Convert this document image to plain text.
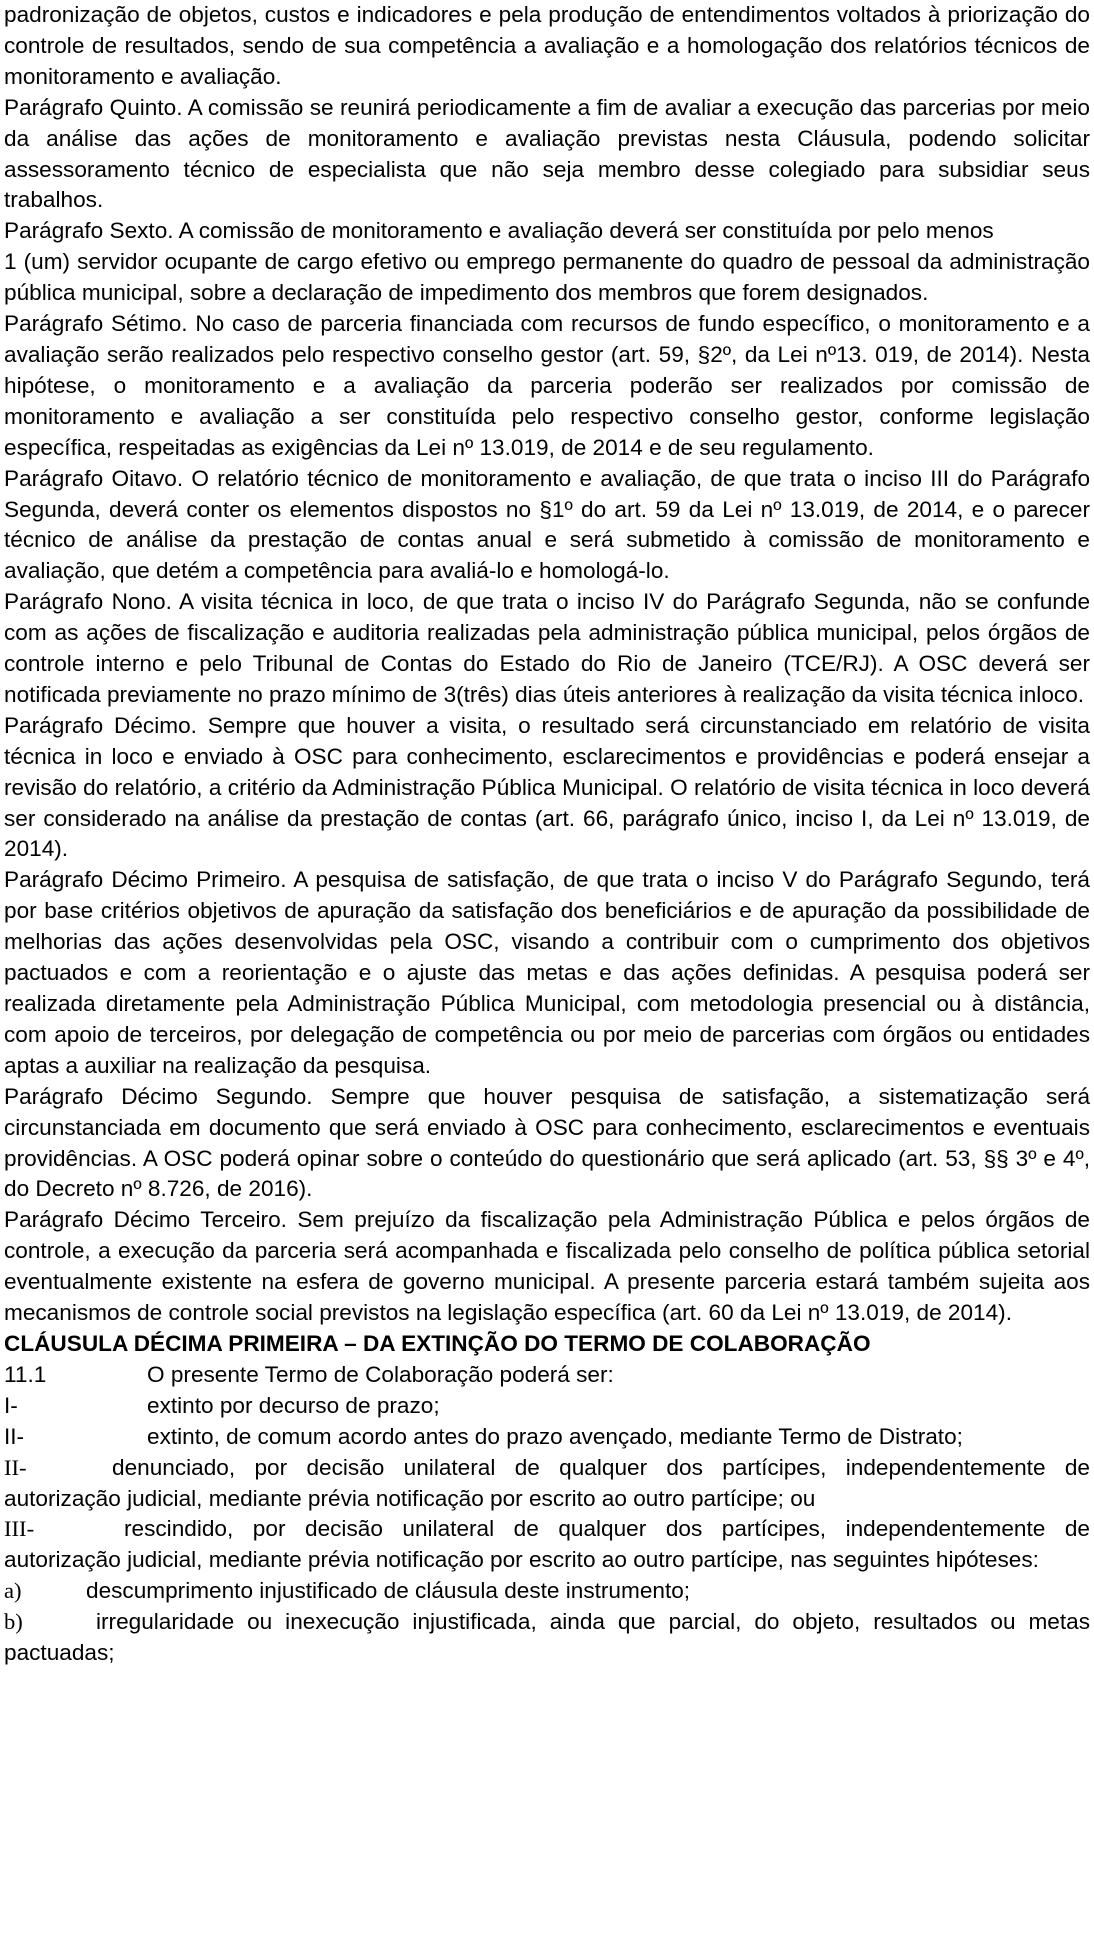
padronização de objetos, custos e indicadores e pela produção de entendimentos voltados à priorização do controle de resultados, sendo de sua competência a avaliação e a homologação dos relatórios técnicos de monitoramento e avaliação.

Parágrafo Quinto. A comissão se reunirá periodicamente a fim de avaliar a execução das parcerias por meio da análise das ações de monitoramento e avaliação previstas nesta Cláusula, podendo solicitar assessoramento técnico de especialista que não seja membro desse colegiado para subsidiar seus trabalhos.

Parágrafo Sexto. A comissão de monitoramento e avaliação deverá ser constituída por pelo menos

1 (um) servidor ocupante de cargo efetivo ou emprego permanente do quadro de pessoal da administração pública municipal, sobre a declaração de impedimento dos membros que forem designados.

Parágrafo Sétimo. No caso de parceria financiada com recursos de fundo específico, o monitoramento e a avaliação serão realizados pelo respectivo conselho gestor (art. 59, §2º, da Lei nº13. 019, de 2014). Nesta hipótese, o monitoramento e a avaliação da parceria poderão ser realizados por comissão de monitoramento e avaliação a ser constituída pelo respectivo conselho gestor, conforme legislação específica, respeitadas as exigências da Lei nº 13.019, de 2014 e de seu regulamento.

Parágrafo Oitavo. O relatório técnico de monitoramento e avaliação, de que trata o inciso III do Parágrafo Segunda, deverá conter os elementos dispostos no §1º do art. 59 da Lei nº 13.019, de 2014, e o parecer técnico de análise da prestação de contas anual e será submetido à comissão de monitoramento e avaliação, que detém a competência para avaliá-lo e homologá-lo.

Parágrafo Nono. A visita técnica in loco, de que trata o inciso IV do Parágrafo Segunda, não se confunde com as ações de fiscalização e auditoria realizadas pela administração pública municipal, pelos órgãos de controle interno e pelo Tribunal de Contas do Estado do Rio de Janeiro (TCE/RJ). A OSC deverá ser notificada previamente no prazo mínimo de 3(três) dias úteis anteriores à realização da visita técnica inloco.

Parágrafo Décimo. Sempre que houver a visita, o resultado será circunstanciado em relatório de visita técnica in loco e enviado à OSC para conhecimento, esclarecimentos e providências e poderá ensejar a revisão do relatório, a critério da Administração Pública Municipal. O relatório de visita técnica in loco deverá ser considerado na análise da prestação de contas (art. 66, parágrafo único, inciso I, da Lei nº 13.019, de 2014).

Parágrafo Décimo Primeiro. A pesquisa de satisfação, de que trata o inciso V do Parágrafo Segundo, terá por base critérios objetivos de apuração da satisfação dos beneficiários e de apuração da possibilidade de melhorias das ações desenvolvidas pela OSC, visando a contribuir com o cumprimento dos objetivos pactuados e com a reorientação e o ajuste das metas e das ações definidas. A pesquisa poderá ser realizada diretamente pela Administração Pública Municipal, com metodologia presencial ou à distância, com apoio de terceiros, por delegação de competência ou por meio de parcerias com órgãos ou entidades aptas a auxiliar na realização da pesquisa.

Parágrafo Décimo Segundo. Sempre que houver pesquisa de satisfação, a sistematização será circunstanciada em documento que será enviado à OSC para conhecimento, esclarecimentos e eventuais providências. A OSC poderá opinar sobre o conteúdo do questionário que será aplicado (art. 53, §§ 3º e 4º, do Decreto nº 8.726, de 2016).

Parágrafo Décimo Terceiro. Sem prejuízo da fiscalização pela Administração Pública e pelos órgãos de controle, a execução da parceria será acompanhada e fiscalizada pelo conselho de política pública setorial eventualmente existente na esfera de governo municipal. A presente parceria estará também sujeita aos mecanismos de controle social previstos na legislação específica (art. 60 da Lei nº 13.019, de 2014).

CLÁUSULA DÉCIMA PRIMEIRA – DA EXTINÇÃO DO TERMO DE COLABORAÇÃO

11.1	O presente Termo de Colaboração poderá ser:

I-	extinto por decurso de prazo;

II-	extinto, de comum acordo antes do prazo avençado, mediante Termo de Distrato;

II-	denunciado, por decisão unilateral de qualquer dos partícipes, independentemente de autorização judicial, mediante prévia notificação por escrito ao outro partícipe; ou

III-	rescindido, por decisão unilateral de qualquer dos partícipes, independentemente de autorização judicial, mediante prévia notificação por escrito ao outro partícipe, nas seguintes hipóteses:

a)	descumprimento injustificado de cláusula deste instrumento;

b)	irregularidade ou inexecução injustificada, ainda que parcial, do objeto, resultados ou metas pactuadas;
